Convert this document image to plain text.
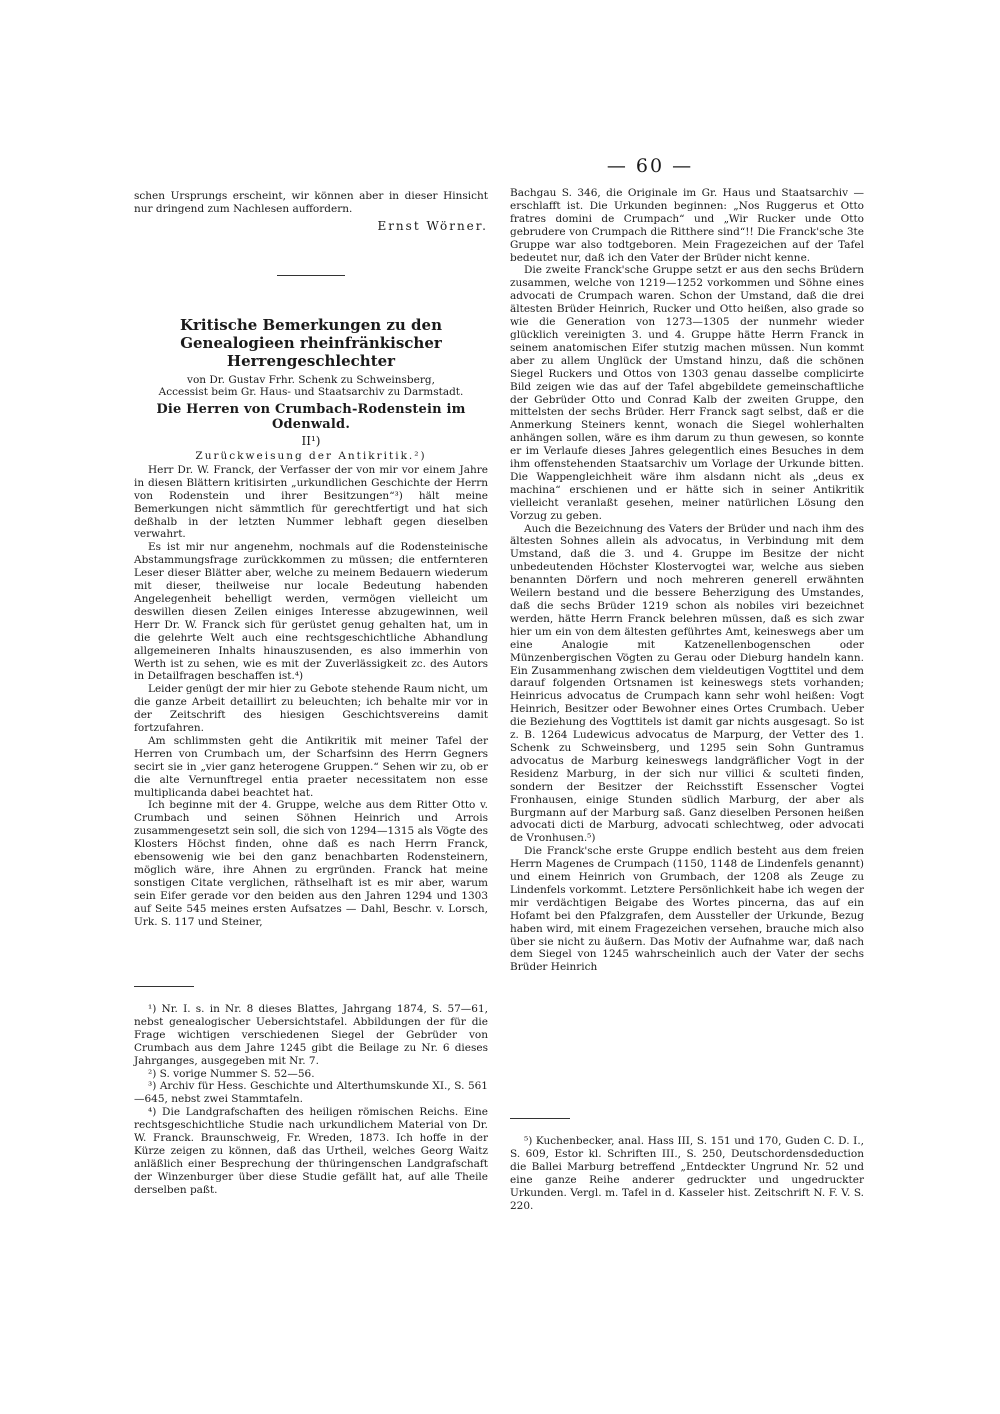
— 60 —

schen Ursprungs erscheint, wir können aber in dieser Hinsicht nur dringend zum Nachlesen auffordern.

Ernst Wörner.

Kritische Bemerkungen zu den Genealogieen rheinfränkischer Herrengeschlechter
von Dr. Gustav Frhr. Schenk zu Schweinsberg,
Accessist beim Gr. Haus- und Staatsarchiv zu Darmstadt.
Die Herren von Crumbach-Rodenstein im Odenwald.
II¹)
Zurückweisung der Antikritik.²)

Herr Dr. W. Franck, der Verfasser der von mir vor einem Jahre in diesen Blättern kritisirten „urkundlichen Geschichte der Herrn von Rodenstein und ihrer Besitzungen“³) hält meine Bemerkungen nicht sämmtlich für gerechtfertigt und hat sich deßhalb in der letzten Nummer lebhaft gegen dieselben verwahrt.

Es ist mir nur angenehm, nochmals auf die Rodensteinische Abstammungsfrage zurückkommen zu müssen; die entfernteren Leser dieser Blätter aber, welche zu meinem Bedauern wiederum mit dieser, theilweise nur locale Bedeutung habenden Angelegenheit behelligt werden, vermögen vielleicht um deswillen diesen Zeilen einiges Interesse abzugewinnen, weil Herr Dr. W. Franck sich für gerüstet genug gehalten hat, um in die gelehrte Welt auch eine rechtsgeschichtliche Abhandlung allgemeineren Inhalts hinauszusenden, es also immerhin von Werth ist zu sehen, wie es mit der Zuverlässigkeit zc. des Autors in Detailfragen beschaffen ist.⁴)

Leider genügt der mir hier zu Gebote stehende Raum nicht, um die ganze Arbeit detaillirt zu beleuchten; ich behalte mir vor in der Zeitschrift des hiesigen Geschichtsvereins damit fortzufahren.

Am schlimmsten geht die Antikritik mit meiner Tafel der Herren von Crumbach um, der Scharfsinn des Herrn Gegners secirt sie in „vier ganz heterogene Gruppen.“ Sehen wir zu, ob er die alte Vernunftregel entia praeter necessitatem non esse multiplicanda dabei beachtet hat.

Ich beginne mit der 4. Gruppe, welche aus dem Ritter Otto v. Crumbach und seinen Söhnen Heinrich und Arrois zusammengesetzt sein soll, die sich von 1294—1315 als Vögte des Klosters Höchst finden, ohne daß es nach Herrn Franck, ebensowenig wie bei den ganz benachbarten Rodensteinern, möglich wäre, ihre Ahnen zu ergründen. Franck hat meine sonstigen Citate verglichen, räthselhaft ist es mir aber, warum sein Eifer gerade vor den beiden aus den Jahren 1294 und 1303 auf Seite 545 meines ersten Aufsatzes — Dahl, Beschr. v. Lorsch, Urk. S. 117 und Steiner,

¹) Nr. I. s. in Nr. 8 dieses Blattes, Jahrgang 1874, S. 57—61, nebst genealogischer Uebersichtstafel. Abbildungen der für die Frage wichtigen verschiedenen Siegel der Gebrüder von Crumbach aus dem Jahre 1245 gibt die Beilage zu Nr. 6 dieses Jahrganges, ausgegeben mit Nr. 7.

²) S. vorige Nummer S. 52—56.

³) Archiv für Hess. Geschichte und Alterthumskunde XI., S. 561—645, nebst zwei Stammtafeln.

⁴) Die Landgrafschaften des heiligen römischen Reichs. Eine rechtsgeschichtliche Studie nach urkundlichem Material von Dr. W. Franck. Braunschweig, Fr. Wreden, 1873. Ich hoffe in der Kürze zeigen zu können, daß das Urtheil, welches Georg Waitz anläßlich einer Besprechung der thüringenschen Landgrafschaft der Winzenburger über diese Studie gefällt hat, auf alle Theile derselben paßt.

Bachgau S. 346, die Originale im Gr. Haus und Staatsarchiv — erschlafft ist. Die Urkunden beginnen: „Nos Ruggerus et Otto fratres domini de Crumpach“ und „Wir Rucker unde Otto gebrudere von Crumpach die Ritthere sind“!! Die Franck'sche 3te Gruppe war also todtgeboren. Mein Fragezeichen auf der Tafel bedeutet nur, daß ich den Vater der Brüder nicht kenne.

Die zweite Franck'sche Gruppe setzt er aus den sechs Brüdern zusammen, welche von 1219—1252 vorkommen und Söhne eines advocati de Crumpach waren. Schon der Umstand, daß die drei ältesten Brüder Heinrich, Rucker und Otto heißen, also grade so wie die Generation von 1273—1305 der nunmehr wieder glücklich vereinigten 3. und 4. Gruppe hätte Herrn Franck in seinem anatomischen Eifer stutzig machen müssen. Nun kommt aber zu allem Unglück der Umstand hinzu, daß die schönen Siegel Ruckers und Ottos von 1303 genau dasselbe complicirte Bild zeigen wie das auf der Tafel abgebildete gemeinschaftliche der Gebrüder Otto und Conrad Kalb der zweiten Gruppe, den mittelsten der sechs Brüder. Herr Franck sagt selbst, daß er die Anmerkung Steiners kennt, wonach die Siegel wohlerhalten anhängen sollen, wäre es ihm darum zu thun gewesen, so konnte er im Verlaufe dieses Jahres gelegentlich eines Besuches in dem ihm offenstehenden Staatsarchiv um Vorlage der Urkunde bitten. Die Wappengleichheit wäre ihm alsdann nicht als „deus ex machina“ erschienen und er hätte sich in seiner Antikritik vielleicht veranlaßt gesehen, meiner natürlichen Lösung den Vorzug zu geben.

Auch die Bezeichnung des Vaters der Brüder und nach ihm des ältesten Sohnes allein als advocatus, in Verbindung mit dem Umstand, daß die 3. und 4. Gruppe im Besitze der nicht unbedeutenden Höchster Klostervogtei war, welche aus sieben benannten Dörfern und noch mehreren generell erwähnten Weilern bestand und die bessere Beherzigung des Umstandes, daß die sechs Brüder 1219 schon als nobiles viri bezeichnet werden, hätte Herrn Franck belehren müssen, daß es sich zwar hier um ein von dem ältesten geführtes Amt, keineswegs aber um eine Analogie mit Katzenellenbogenschen oder Münzenbergischen Vögten zu Gerau oder Dieburg handeln kann. Ein Zusammenhang zwischen dem vieldeutigen Vogttitel und dem darauf folgenden Ortsnamen ist keineswegs stets vorhanden; Heinricus advocatus de Crumpach kann sehr wohl heißen: Vogt Heinrich, Besitzer oder Bewohner eines Ortes Crumbach. Ueber die Beziehung des Vogttitels ist damit gar nichts ausgesagt. So ist z. B. 1264 Ludewicus advocatus de Marpurg, der Vetter des 1. Schenk zu Schweinsberg, und 1295 sein Sohn Guntramus advocatus de Marburg keineswegs landgräflicher Vogt in der Residenz Marburg, in der sich nur villici & sculteti finden, sondern der Besitzer der Reichsstift Essenscher Vogtei Fronhausen, einige Stunden südlich Marburg, der aber als Burgmann auf der Marburg saß. Ganz dieselben Personen heißen advocati dicti de Marburg, advocati schlechtweg, oder advocati de Vronhusen.⁵)

Die Franck'sche erste Gruppe endlich besteht aus dem freien Herrn Magenes de Crumpach (1150, 1148 de Lindenfels genannt) und einem Heinrich von Grumbach, der 1208 als Zeuge zu Lindenfels vorkommt. Letztere Persönlichkeit habe ich wegen der mir verdächtigen Beigabe des Wortes pincerna, das auf ein Hofamt bei den Pfalzgrafen, dem Aussteller der Urkunde, Bezug haben wird, mit einem Fragezeichen versehen, brauche mich also über sie nicht zu äußern. Das Motiv der Aufnahme war, daß nach dem Siegel von 1245 wahrscheinlich auch der Vater der sechs Brüder Heinrich

⁵) Kuchenbecker, anal. Hass III, S. 151 und 170, Guden C. D. I., S. 609, Estor kl. Schriften III., S. 250, Deutschordensdeduction die Ballei Marburg betreffend „Entdeckter Ungrund Nr. 52 und eine ganze Reihe anderer gedruckter und ungedruckter Urkunden. Vergl. m. Tafel in d. Kasseler hist. Zeitschrift N. F. V. S. 220.
